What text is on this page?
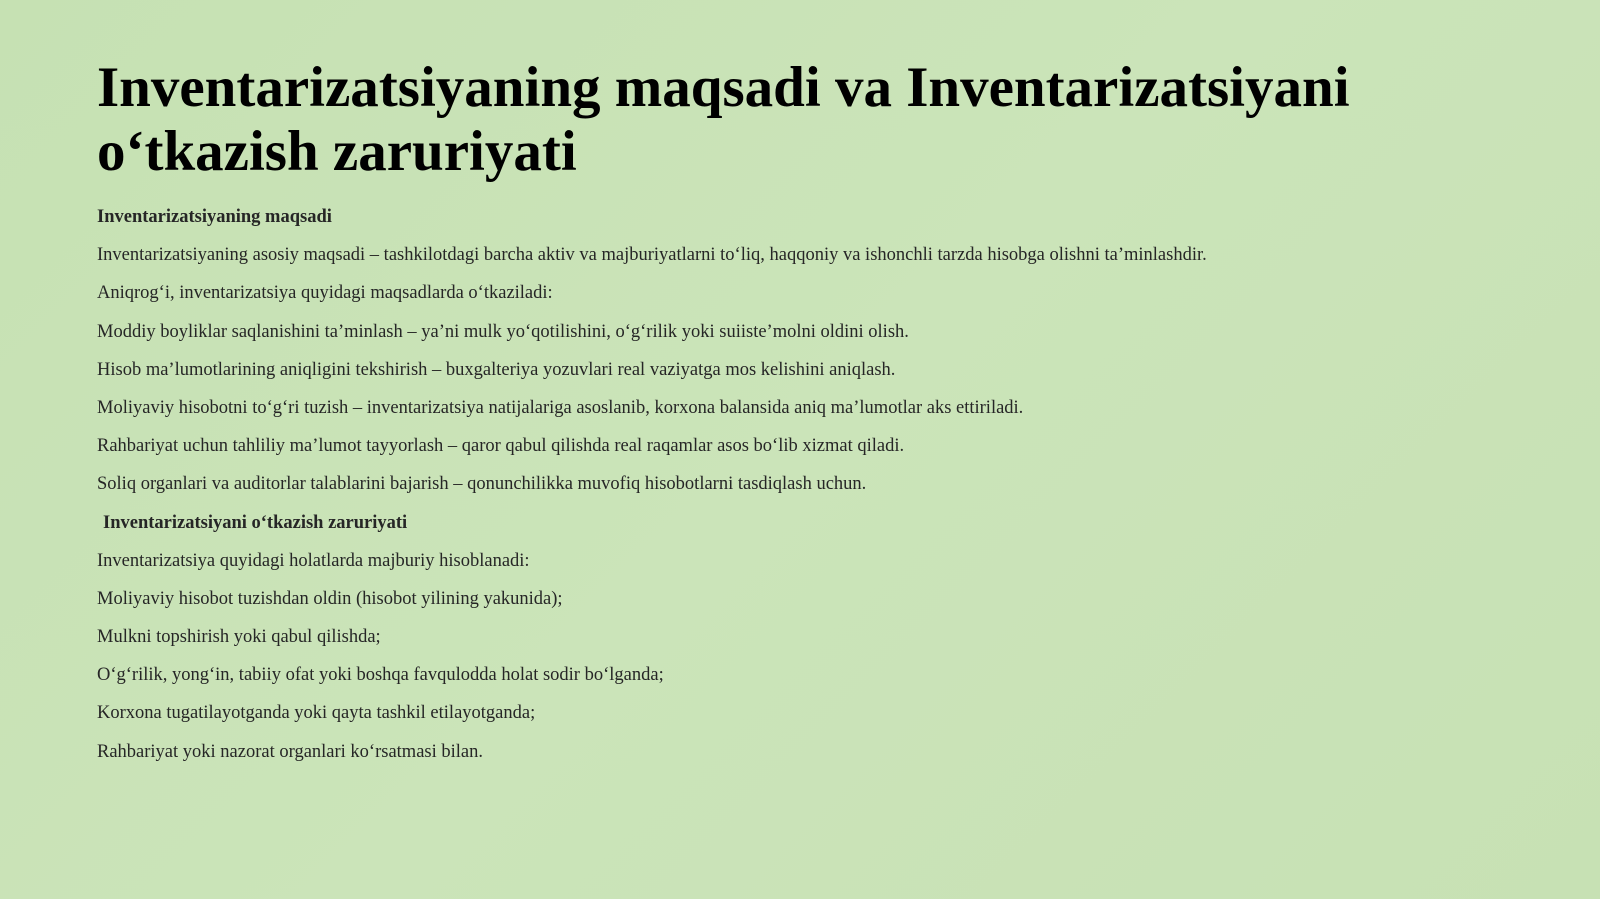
Inventarizatsiyaning maqsadi va Inventarizatsiyani o‘tkazish zaruriyati

Inventarizatsiyaning maqsadi

Inventarizatsiyaning asosiy maqsadi – tashkilotdagi barcha aktiv va majburiyatlarni to‘liq, haqqoniy va ishonchli tarzda hisobga olishni ta’minlashdir.

Aniqrog‘i, inventarizatsiya quyidagi maqsadlarda o‘tkaziladi:

Moddiy boyliklar saqlanishini ta’minlash – ya’ni mulk yo‘qotilishini, o‘g‘rilik yoki suiiste’molni oldini olish.

Hisob ma’lumotlarining aniqligini tekshirish – buxgalteriya yozuvlari real vaziyatga mos kelishini aniqlash.

Moliyaviy hisobotni to‘g‘ri tuzish – inventarizatsiya natijalariga asoslanib, korxona balansida aniq ma’lumotlar aks ettiriladi.

Rahbariyat uchun tahliliy ma’lumot tayyorlash – qaror qabul qilishda real raqamlar asos bo‘lib xizmat qiladi.

Soliq organlari va auditorlar talablarini bajarish – qonunchilikka muvofiq hisobotlarni tasdiqlash uchun.

Inventarizatsiyani o‘tkazish zaruriyati

Inventarizatsiya quyidagi holatlarda majburiy hisoblanadi:

Moliyaviy hisobot tuzishdan oldin (hisobot yilining yakunida);

Mulkni topshirish yoki qabul qilishda;

O‘g‘rilik, yong‘in, tabiiy ofat yoki boshqa favqulodda holat sodir bo‘lganda;

Korxona tugatilayotganda yoki qayta tashkil etilayotganda;

Rahbariyat yoki nazorat organlari ko‘rsatmasi bilan.
